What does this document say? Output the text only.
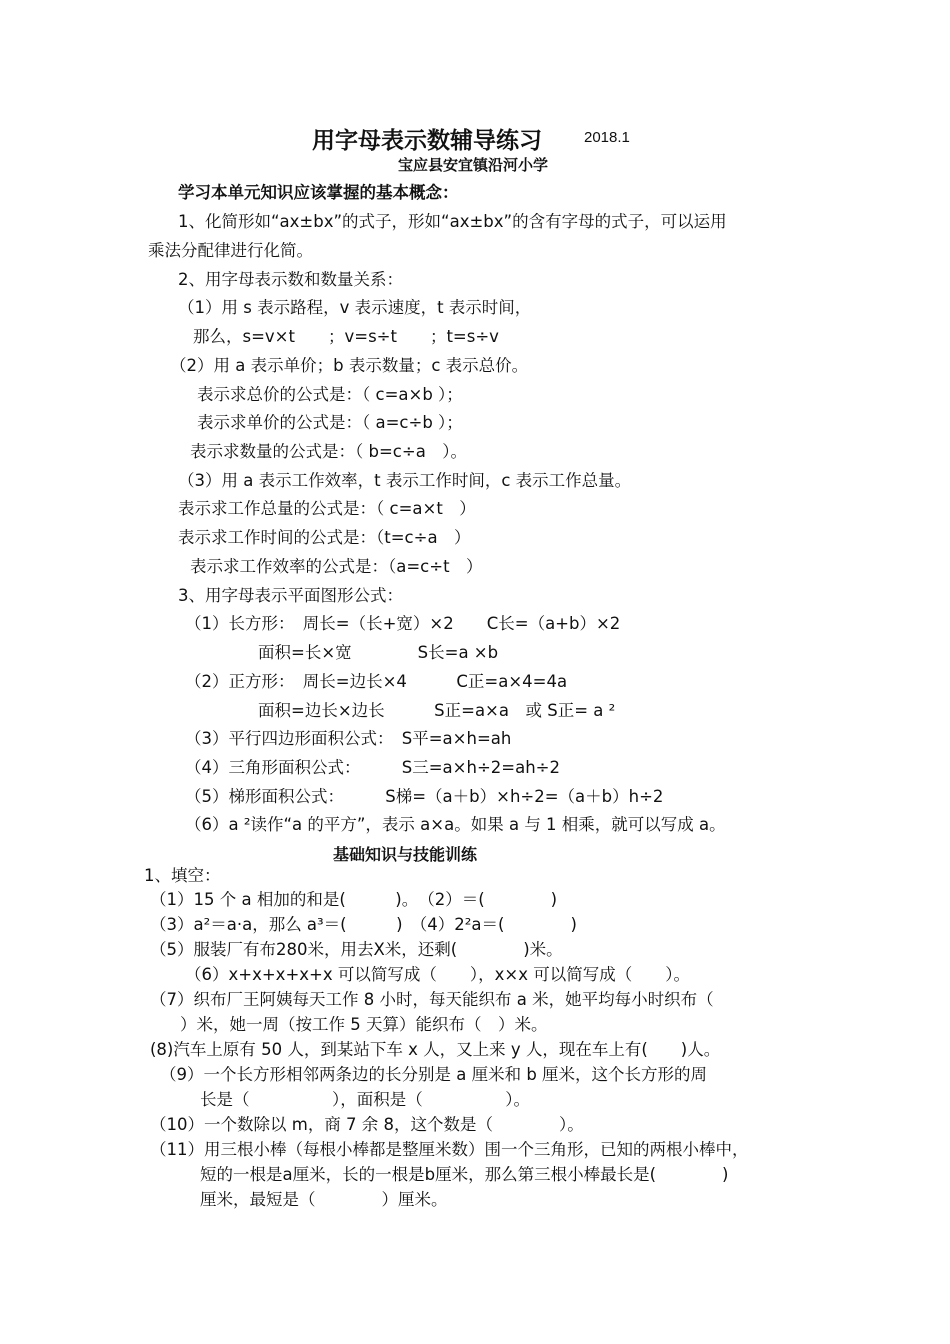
用字母表示数辅导练习	2018.1
宝应县安宜镇沿河小学
学习本单元知识应该掌握的基本概念：
1、化简形如“ax±bx”的式子，形如“ax±bx”的含有字母的式子，可以运用
乘法分配律进行化简。
2、用字母表示数和数量关系：
（1）用 s 表示路程，v 表示速度，t 表示时间，
那么，s=v×t　　；v=s÷t　　；t=s÷v
（2）用 a 表示单价；b 表示数量；c 表示总价。
表示求总价的公式是：（ c=a×b ）；
表示求单价的公式是：（ a=c÷b ）；
表示求数量的公式是：（ b=c÷a　）。
（3）用 a 表示工作效率，t 表示工作时间，c 表示工作总量。
表示求工作总量的公式是：（ c=a×t　）
表示求工作时间的公式是：（t=c÷a　）
表示求工作效率的公式是：（a=c÷t　）
3、用字母表示平面图形公式：
（1）长方形：　周长=（长+宽）×2　　C长=（a+b）×2
面积=长×宽　　　　S长=a ×b
（2）正方形：　周长=边长×4　　　C正=a×4=4a
面积=边长×边长　　　S正=a×a　或 S正= a ²
（3）平行四边形面积公式：　S平=a×h=ah
（4）三角形面积公式：　　　S三=a×h÷2=ah÷2
（5）梯形面积公式：　　　S梯=（a＋b）×h÷2=（a＋b）h÷2
（6）a ²读作“a 的平方”，表示 a×a。如果 a 与 1 相乘，就可以写成 a。
基础知识与技能训练
1、填空：
（1）15 个 a 相加的和是(　　　)。　（2）＝(　　　　)
（3）a²＝a·a，那么 a³＝(　　　)　（4）2²a＝(　　　　)
（5）服装厂有布280米，用去X米，还剩(　　　　)米。
（6）x+x+x+x+x 可以简写成（　　），x×x 可以简写成（　　）。
（7）织布厂王阿姨每天工作 8 小时，每天能织布 a 米，她平均每小时织布（
）米，她一周（按工作 5 天算）能织布（　）米。
(8)汽车上原有 50 人，到某站下车 x 人，又上来 y 人，现在车上有(　　)人。
（9）一个长方形相邻两条边的长分别是 a 厘米和 b 厘米，这个长方形的周
长是（　　　　　），面积是（　　　　　）。
（10）一个数除以 m，商 7 余 8，这个数是（　　　　）。
（11）用三根小棒（每根小棒都是整厘米数）围一个三角形，已知的两根小棒中，
短的一根是a厘米，长的一根是b厘米，那么第三根小棒最长是(　　　　)
厘米，最短是（　　　　）厘米。
